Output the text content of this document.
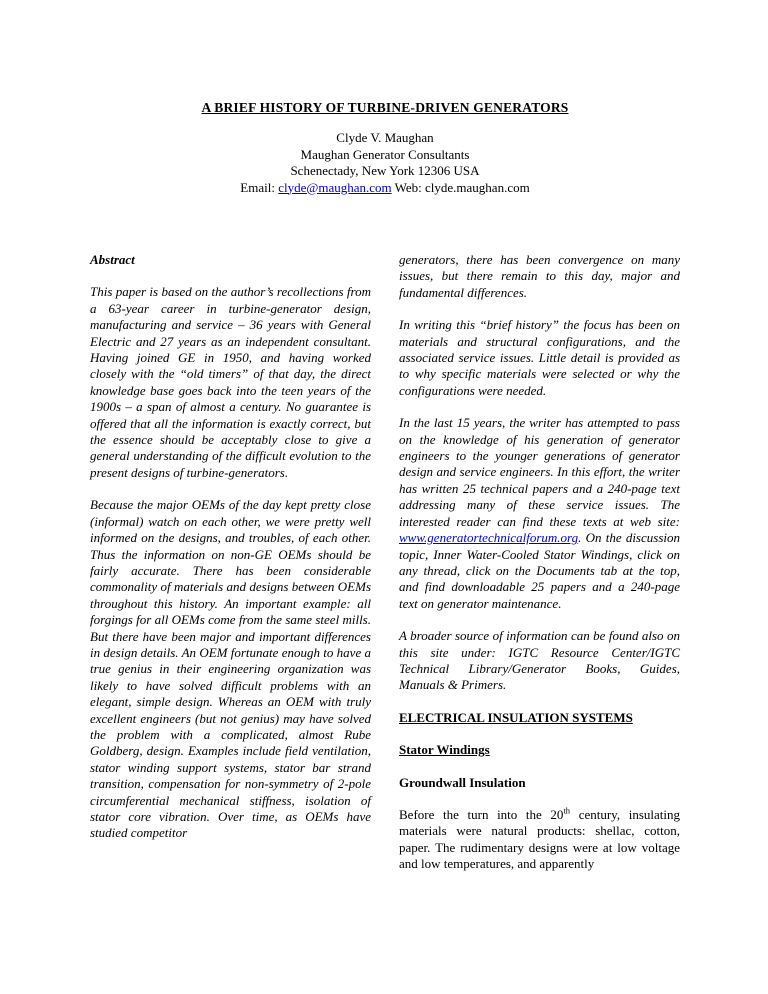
A BRIEF HISTORY OF TURBINE-DRIVEN GENERATORS
Clyde V. Maughan
Maughan Generator Consultants
Schenectady, New York 12306 USA
Email: clyde@maughan.com Web: clyde.maughan.com

Abstract

This paper is based on the author’s recollections from a 63-year career in turbine-generator design, manufacturing and service – 36 years with General Electric and 27 years as an independent consultant. Having joined GE in 1950, and having worked closely with the “old timers” of that day, the direct knowledge base goes back into the teen years of the 1900s – a span of almost a century. No guarantee is offered that all the information is exactly correct, but the essence should be acceptably close to give a general understanding of the difficult evolution to the present designs of turbine-generators.

Because the major OEMs of the day kept pretty close (informal) watch on each other, we were pretty well informed on the designs, and troubles, of each other. Thus the information on non-GE OEMs should be fairly accurate. There has been considerable commonality of materials and designs between OEMs throughout this history. An important example: all forgings for all OEMs come from the same steel mills. But there have been major and important differences in design details. An OEM fortunate enough to have a true genius in their engineering organization was likely to have solved difficult problems with an elegant, simple design. Whereas an OEM with truly excellent engineers (but not genius) may have solved the problem with a complicated, almost Rube Goldberg, design. Examples include field ventilation, stator winding support systems, stator bar strand transition, compensation for non-symmetry of 2-pole circumferential mechanical stiffness, isolation of stator core vibration. Over time, as OEMs have studied competitor

generators, there has been convergence on many issues, but there remain to this day, major and fundamental differences.

In writing this “brief history” the focus has been on materials and structural configurations, and the associated service issues. Little detail is provided as to why specific materials were selected or why the configurations were needed.

In the last 15 years, the writer has attempted to pass on the knowledge of his generation of generator engineers to the younger generations of generator design and service engineers. In this effort, the writer has written 25 technical papers and a 240-page text addressing many of these service issues. The interested reader can find these texts at web site: www.generatortechnicalforum.org. On the discussion topic, Inner Water-Cooled Stator Windings, click on any thread, click on the Documents tab at the top, and find downloadable 25 papers and a 240-page text on generator maintenance.

A broader source of information can be found also on this site under: IGTC Resource Center/IGTC Technical Library/Generator Books, Guides, Manuals & Primers.

ELECTRICAL INSULATION SYSTEMS

Stator Windings

Groundwall Insulation

Before the turn into the 20th century, insulating materials were natural products: shellac, cotton, paper. The rudimentary designs were at low voltage and low temperatures, and apparently
